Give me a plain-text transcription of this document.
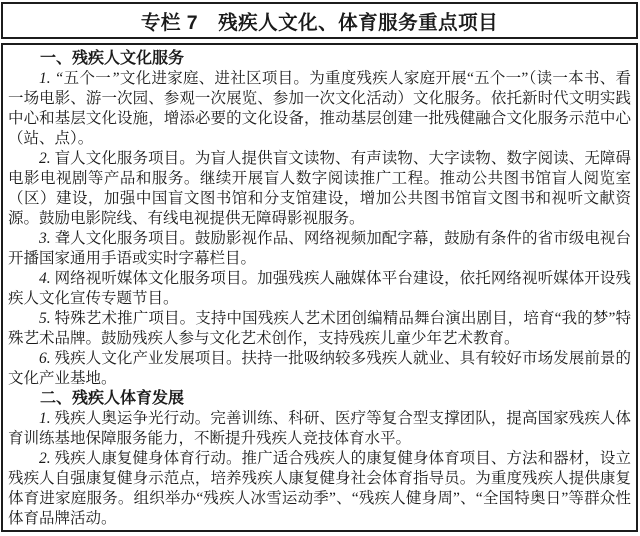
专栏 7　残疾人文化、体育服务重点项目

一、残疾人文化服务

1. “五个一”文化进家庭、进社区项目。为重度残疾人家庭开展“五个一”（读一本书、看一场电影、游一次园、参观一次展览、参加一次文化活动）文化服务。依托新时代文明实践中心和基层文化设施，增添必要的文化设备，推动基层创建一批残健融合文化服务示范中心（站、点）。

2. 盲人文化服务项目。为盲人提供盲文读物、有声读物、大字读物、数字阅读、无障碍电影电视剧等产品和服务。继续开展盲人数字阅读推广工程。推动公共图书馆盲人阅览室（区）建设，加强中国盲文图书馆和分支馆建设，增加公共图书馆盲文图书和视听文献资源。鼓励电影院线、有线电视提供无障碍影视服务。

3. 聋人文化服务项目。鼓励影视作品、网络视频加配字幕，鼓励有条件的省市级电视台开播国家通用手语或实时字幕栏目。

4. 网络视听媒体文化服务项目。加强残疾人融媒体平台建设，依托网络视听媒体开设残疾人文化宣传专题节目。

5. 特殊艺术推广项目。支持中国残疾人艺术团创编精品舞台演出剧目，培育“我的梦”特殊艺术品牌。鼓励残疾人参与文化艺术创作，支持残疾儿童少年艺术教育。

6. 残疾人文化产业发展项目。扶持一批吸纳较多残疾人就业、具有较好市场发展前景的文化产业基地。

二、残疾人体育发展

1. 残疾人奥运争光行动。完善训练、科研、医疗等复合型支撑团队，提高国家残疾人体育训练基地保障服务能力，不断提升残疾人竞技体育水平。

2. 残疾人康复健身体育行动。推广适合残疾人的康复健身体育项目、方法和器材，设立残疾人自强康复健身示范点，培养残疾人康复健身社会体育指导员。为重度残疾人提供康复体育进家庭服务。组织举办“残疾人冰雪运动季”、“残疾人健身周”、“全国特奥日”等群众性体育品牌活动。
